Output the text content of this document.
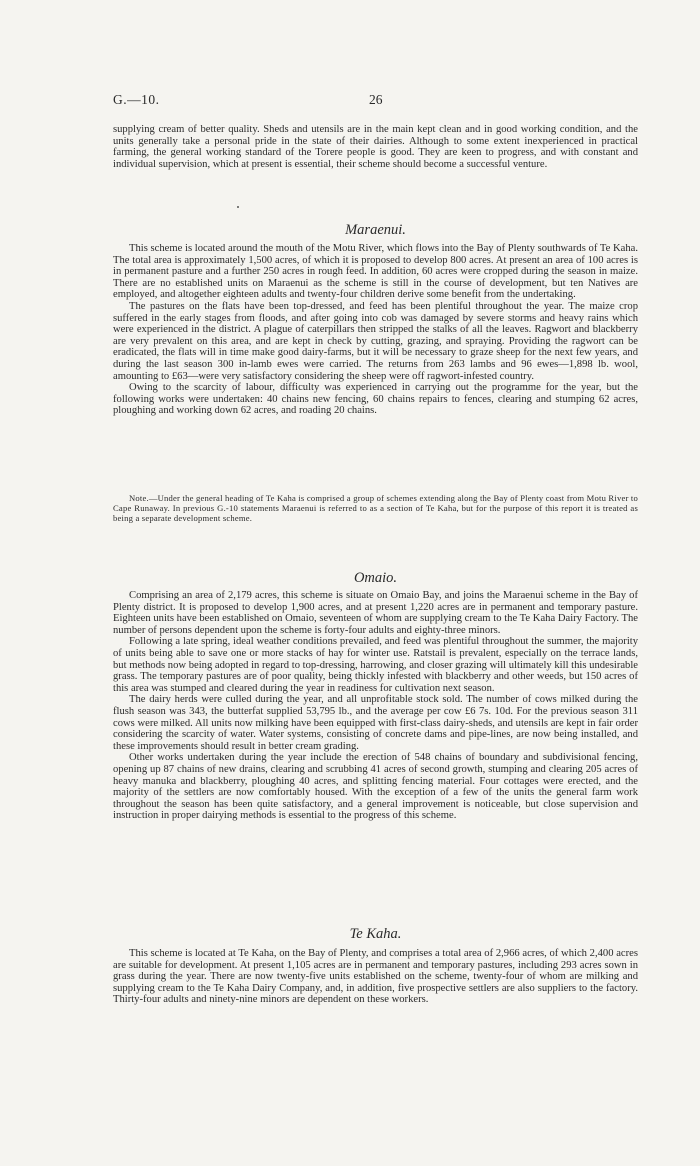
G.—10.	26

supplying cream of better quality. Sheds and utensils are in the main kept clean and in good working condition, and the units generally take a personal pride in the state of their dairies. Although to some extent inexperienced in practical farming, the general working standard of the Torere people is good. They are keen to progress, and with constant and individual supervision, which at present is essential, their scheme should become a successful venture.

Maraenui.

This scheme is located around the mouth of the Motu River, which flows into the Bay of Plenty southwards of Te Kaha. The total area is approximately 1,500 acres, of which it is proposed to develop 800 acres. At present an area of 100 acres is in permanent pasture and a further 250 acres in rough feed. In addition, 60 acres were cropped during the season in maize. There are no established units on Maraenui as the scheme is still in the course of development, but ten Natives are employed, and altogether eighteen adults and twenty-four children derive some benefit from the undertaking.

The pastures on the flats have been top-dressed, and feed has been plentiful throughout the year. The maize crop suffered in the early stages from floods, and after going into cob was damaged by severe storms and heavy rains which were experienced in the district. A plague of caterpillars then stripped the stalks of all the leaves. Ragwort and blackberry are very prevalent on this area, and are kept in check by cutting, grazing, and spraying. Providing the ragwort can be eradicated, the flats will in time make good dairy-farms, but it will be necessary to graze sheep for the next few years, and during the last season 300 in-lamb ewes were carried. The returns from 263 lambs and 96 ewes—1,898 lb. wool, amounting to £63—were very satisfactory considering the sheep were off ragwort-infested country.

Owing to the scarcity of labour, difficulty was experienced in carrying out the programme for the year, but the following works were undertaken: 40 chains new fencing, 60 chains repairs to fences, clearing and stumping 62 acres, ploughing and working down 62 acres, and roading 20 chains.

Note.—Under the general heading of Te Kaha is comprised a group of schemes extending along the Bay of Plenty coast from Motu River to Cape Runaway. In previous G.-10 statements Maraenui is referred to as a section of Te Kaha, but for the purpose of this report it is treated as being a separate development scheme.

Omaio.

Comprising an area of 2,179 acres, this scheme is situate on Omaio Bay, and joins the Maraenui scheme in the Bay of Plenty district. It is proposed to develop 1,900 acres, and at present 1,220 acres are in permanent and temporary pasture. Eighteen units have been established on Omaio, seventeen of whom are supplying cream to the Te Kaha Dairy Factory. The number of persons dependent upon the scheme is forty-four adults and eighty-three minors.

Following a late spring, ideal weather conditions prevailed, and feed was plentiful throughout the summer, the majority of units being able to save one or more stacks of hay for winter use. Ratstail is prevalent, especially on the terrace lands, but methods now being adopted in regard to top-dressing, harrowing, and closer grazing will ultimately kill this undesirable grass. The temporary pastures are of poor quality, being thickly infested with blackberry and other weeds, but 150 acres of this area was stumped and cleared during the year in readiness for cultivation next season.

The dairy herds were culled during the year, and all unprofitable stock sold. The number of cows milked during the flush season was 343, the butterfat supplied 53,795 lb., and the average per cow £6 7s. 10d. For the previous season 311 cows were milked. All units now milking have been equipped with first-class dairy-sheds, and utensils are kept in fair order considering the scarcity of water. Water systems, consisting of concrete dams and pipe-lines, are now being installed, and these improvements should result in better cream grading.

Other works undertaken during the year include the erection of 548 chains of boundary and subdivisional fencing, opening up 87 chains of new drains, clearing and scrubbing 41 acres of second growth, stumping and clearing 205 acres of heavy manuka and blackberry, ploughing 40 acres, and splitting fencing material. Four cottages were erected, and the majority of the settlers are now comfortably housed. With the exception of a few of the units the general farm work throughout the season has been quite satisfactory, and a general improvement is noticeable, but close supervision and instruction in proper dairying methods is essential to the progress of this scheme.

Te Kaha.

This scheme is located at Te Kaha, on the Bay of Plenty, and comprises a total area of 2,966 acres, of which 2,400 acres are suitable for development. At present 1,105 acres are in permanent and temporary pastures, including 293 acres sown in grass during the year. There are now twenty-five units established on the scheme, twenty-four of whom are milking and supplying cream to the Te Kaha Dairy Company, and, in addition, five prospective settlers are also suppliers to the factory. Thirty-four adults and ninety-nine minors are dependent on these workers.
